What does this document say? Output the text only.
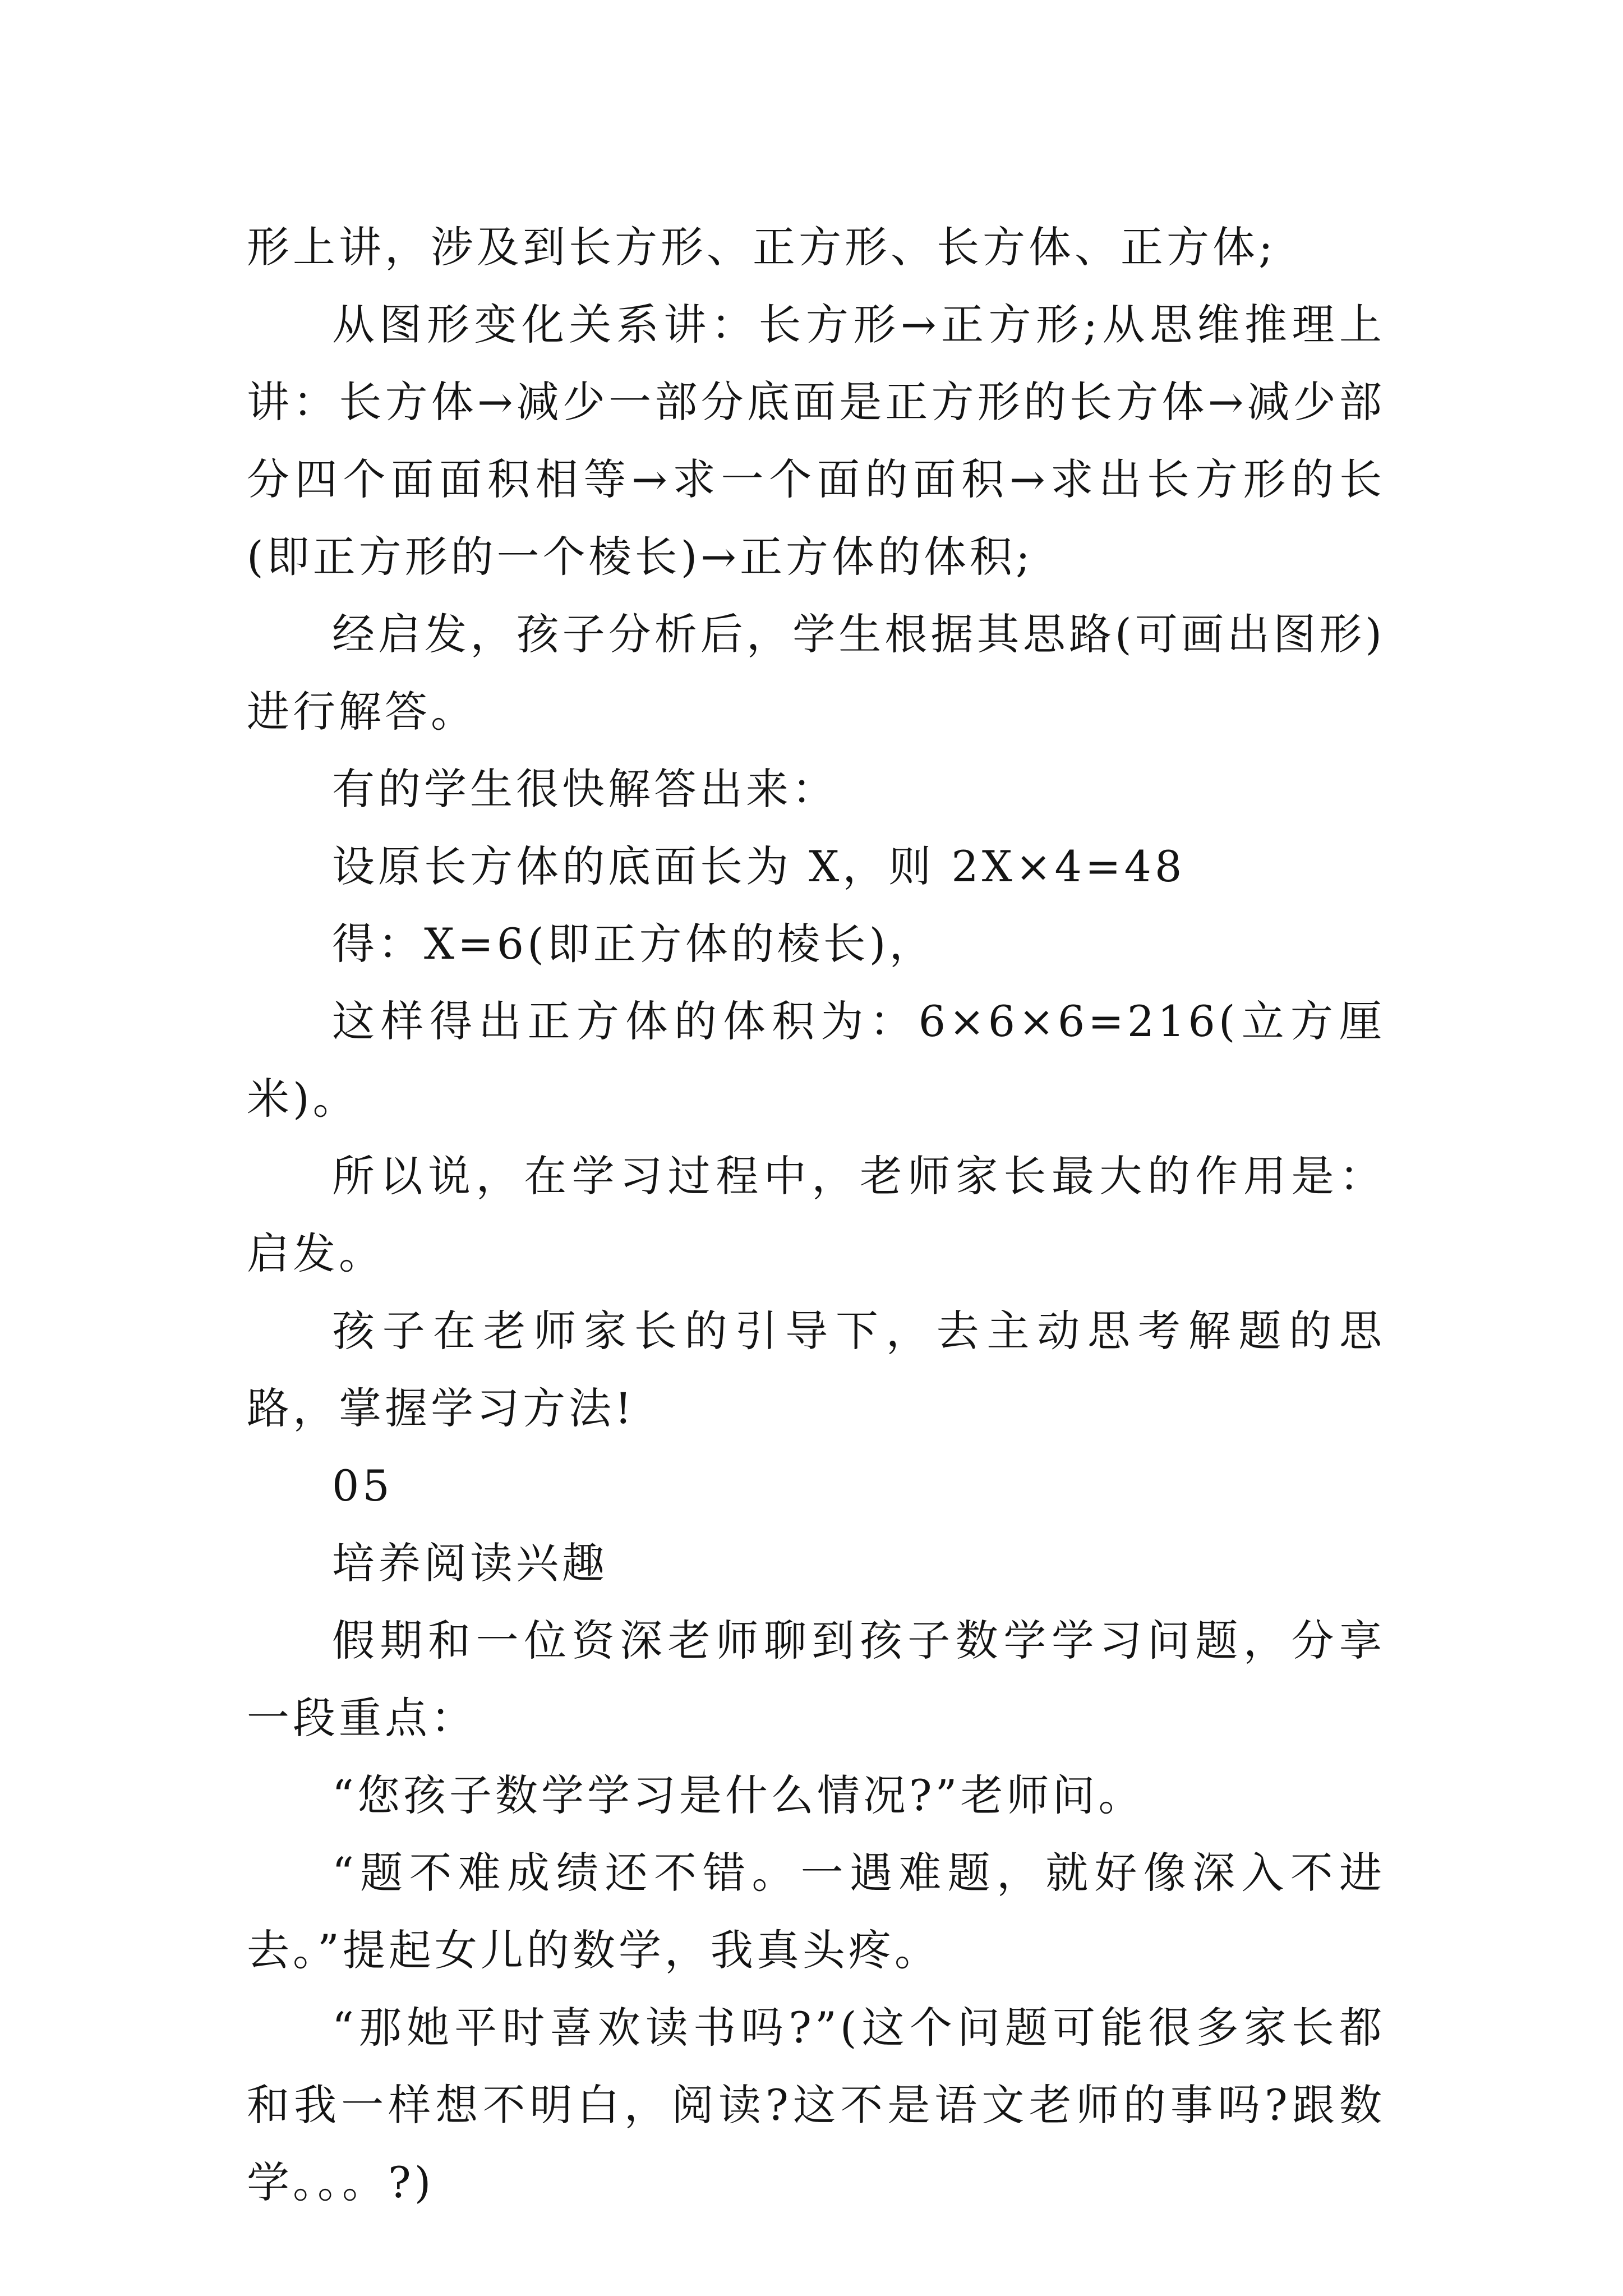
形上讲，涉及到长方形、正方形、长方体、正方体;

从图形变化关系讲：长方形→正方形;从思维推理上讲：长方体→减少一部分底面是正方形的长方体→减少部分四个面面积相等→求一个面的面积→求出长方形的长(即正方形的一个棱长)→正方体的体积;

经启发，孩子分析后，学生根据其思路(可画出图形)进行解答。

有的学生很快解答出来：

设原长方体的底面长为 X，则 2X×4=48

得：X=6(即正方体的棱长)，

这样得出正方体的体积为：6×6×6=216(立方厘米)。

所以说，在学习过程中，老师家长最大的作用是：启发。

孩子在老师家长的引导下，去主动思考解题的思路，掌握学习方法!

05

培养阅读兴趣

假期和一位资深老师聊到孩子数学学习问题，分享一段重点：

“您孩子数学学习是什么情况?”老师问。

“题不难成绩还不错。一遇难题，就好像深入不进去。”提起女儿的数学，我真头疼。

“那她平时喜欢读书吗?”(这个问题可能很多家长都和我一样想不明白，阅读?这不是语文老师的事吗?跟数学。。。?)
